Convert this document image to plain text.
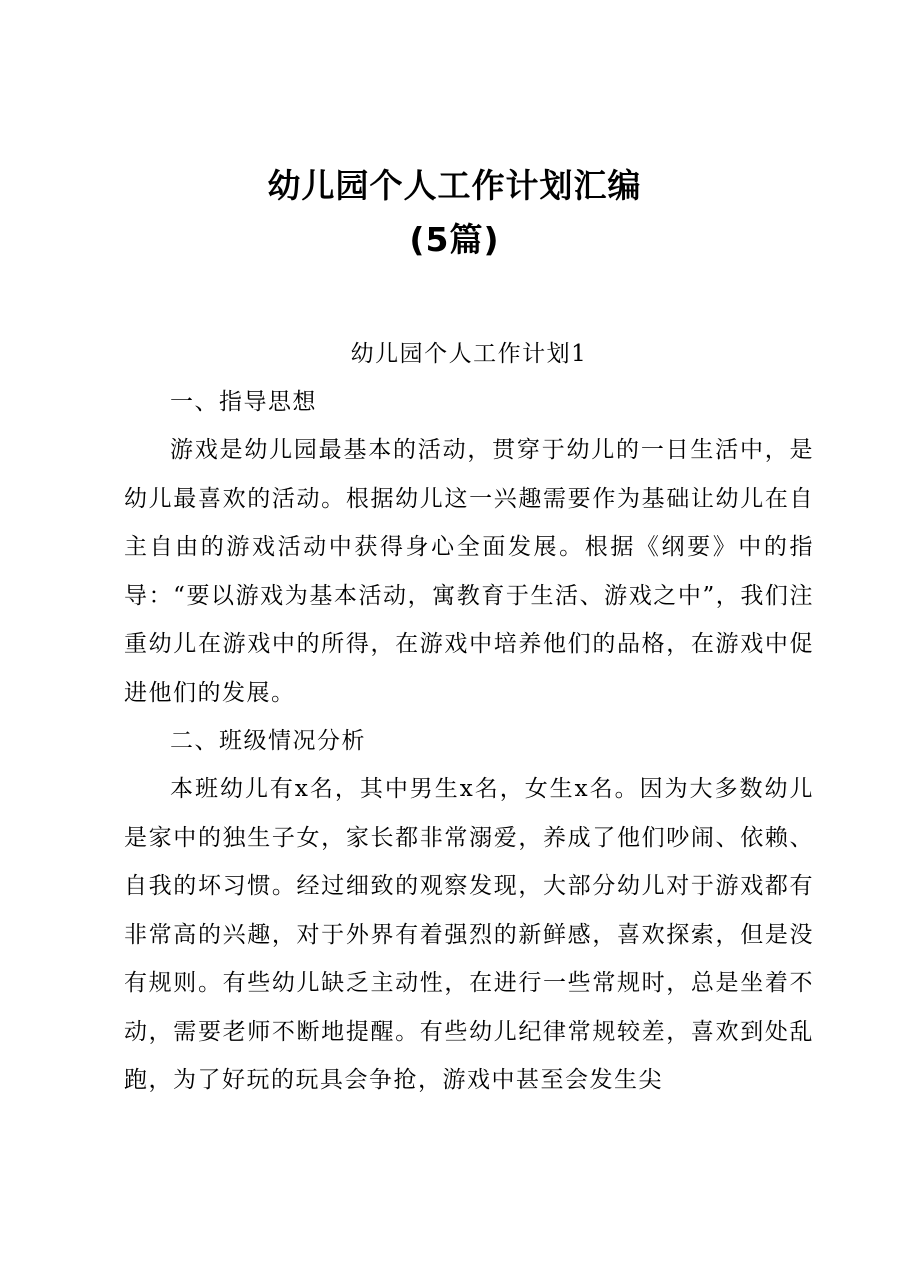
幼儿园个人工作计划汇编
(5篇)

幼儿园个人工作计划1

一、指导思想

游戏是幼儿园最基本的活动，贯穿于幼儿的一日生活中，是幼儿最喜欢的活动。根据幼儿这一兴趣需要作为基础让幼儿在自主自由的游戏活动中获得身心全面发展。根据《纲要》中的指导：“要以游戏为基本活动，寓教育于生活、游戏之中”，我们注重幼儿在游戏中的所得，在游戏中培养他们的品格，在游戏中促进他们的发展。

二、班级情况分析

本班幼儿有x名，其中男生x名，女生x名。因为大多数幼儿是家中的独生子女，家长都非常溺爱，养成了他们吵闹、依赖、自我的坏习惯。经过细致的观察发现，大部分幼儿对于游戏都有非常高的兴趣，对于外界有着强烈的新鲜感，喜欢探索，但是没有规则。有些幼儿缺乏主动性，在进行一些常规时，总是坐着不动，需要老师不断地提醒。有些幼儿纪律常规较差，喜欢到处乱跑，为了好玩的玩具会争抢，游戏中甚至会发生尖
